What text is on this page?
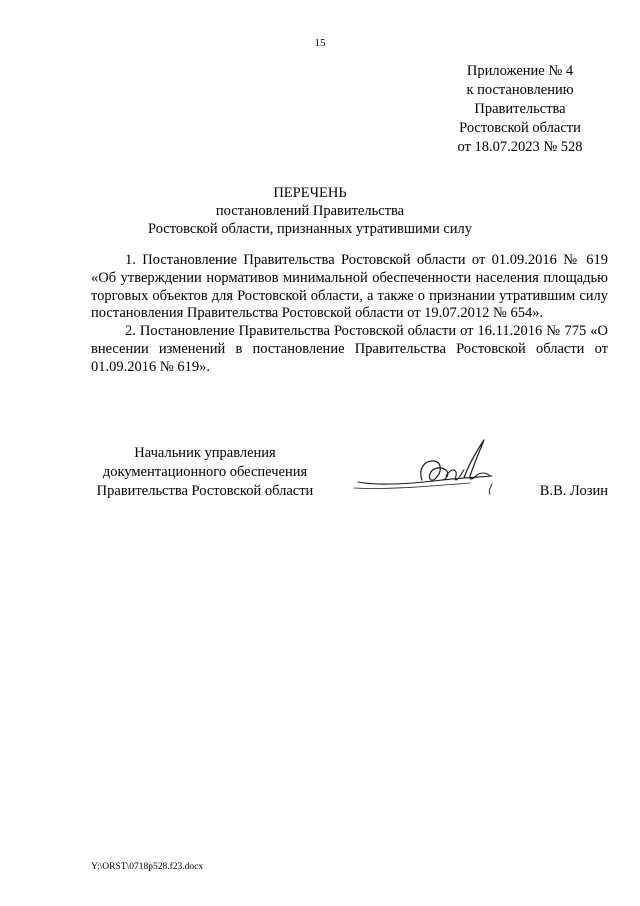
15
Приложение № 4
к постановлению
Правительства
Ростовской области
от 18.07.2023 № 528
ПЕРЕЧЕНЬ
постановлений Правительства
Ростовской области, признанных утратившими силу

1. Постановление Правительства Ростовской области от 01.09.2016 № 619 «Об утверждении нормативов минимальной обеспеченности населения площадью торговых объектов для Ростовской области, а также о признании утратившим силу постановления Правительства Ростовской области от 19.07.2012 № 654».

2. Постановление Правительства Ростовской области от 16.11.2016 № 775 «О внесении изменений в постановление Правительства Ростовской области от 01.09.2016 № 619».

Начальник управления
документационного обеспечения
Правительства Ростовской области	В.В. Лозин
Y:\ORST\0718p528.f23.docx
